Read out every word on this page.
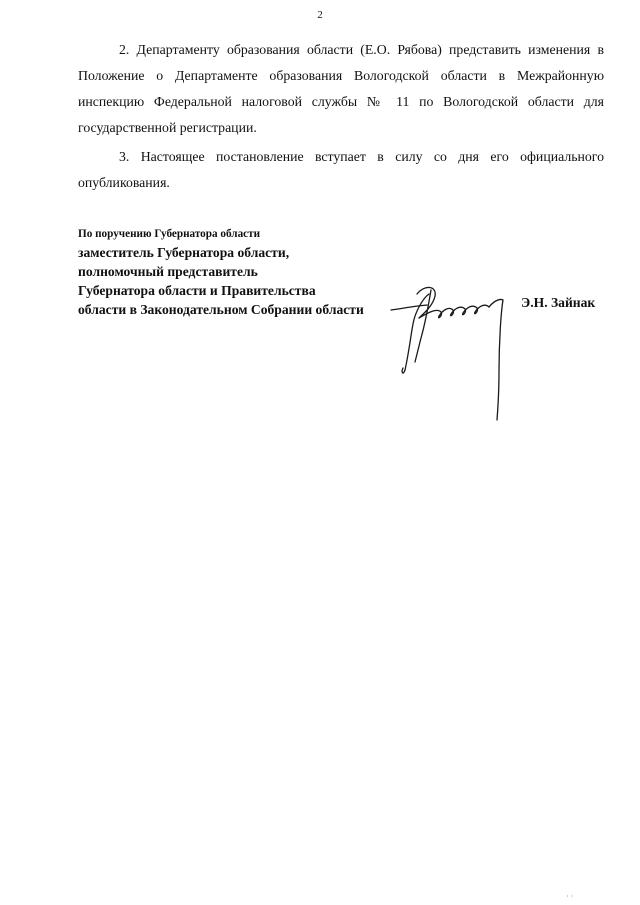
2

2. Департаменту образования области (Е.О. Рябова) представить изменения в Положение о Департаменте образования Вологодской области в Межрайонную инспекцию Федеральной налоговой службы № 11 по Вологодской области для государственной регистрации.

3. Настоящее постановление вступает в силу со дня его официального опубликования.

По поручению Губернатора области
заместитель Губернатора области,
полномочный представитель
Губернатора области и Правительства
области в Законодательном Собрании области	Э.Н. Зайнак
· ·
